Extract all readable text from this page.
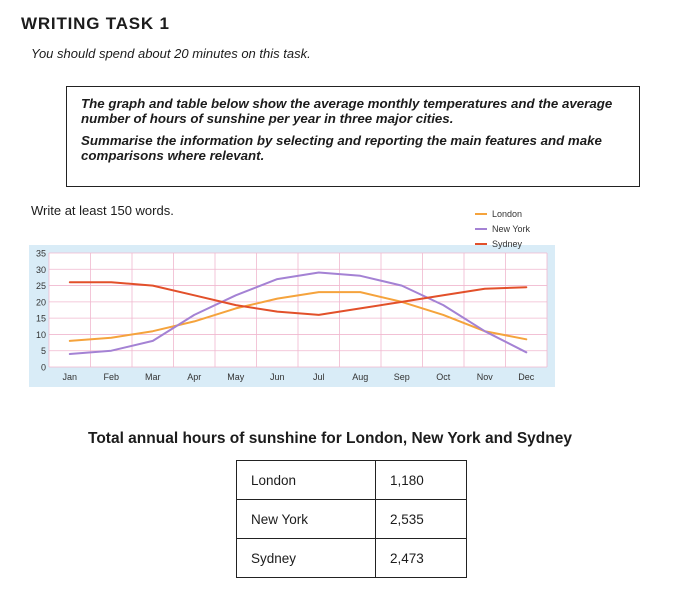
WRITING TASK 1
You should spend about 20 minutes on this task.

The graph and table below show the average monthly temperatures and the average number of hours of sunshine per year in three major cities.

Summarise the information by selecting and reporting the main features and make comparisons where relevant.

Write at least 150 words.
0
5
10
15
20
25
30
35
Jan	Feb	Mar	Apr	May	Jun	Jul	Aug	Sep	Oct	Nov	Dec
London
New York
Sydney
Total annual hours of sunshine for London, New York and Sydney
London	1,180
New York	2,535
Sydney	2,473
